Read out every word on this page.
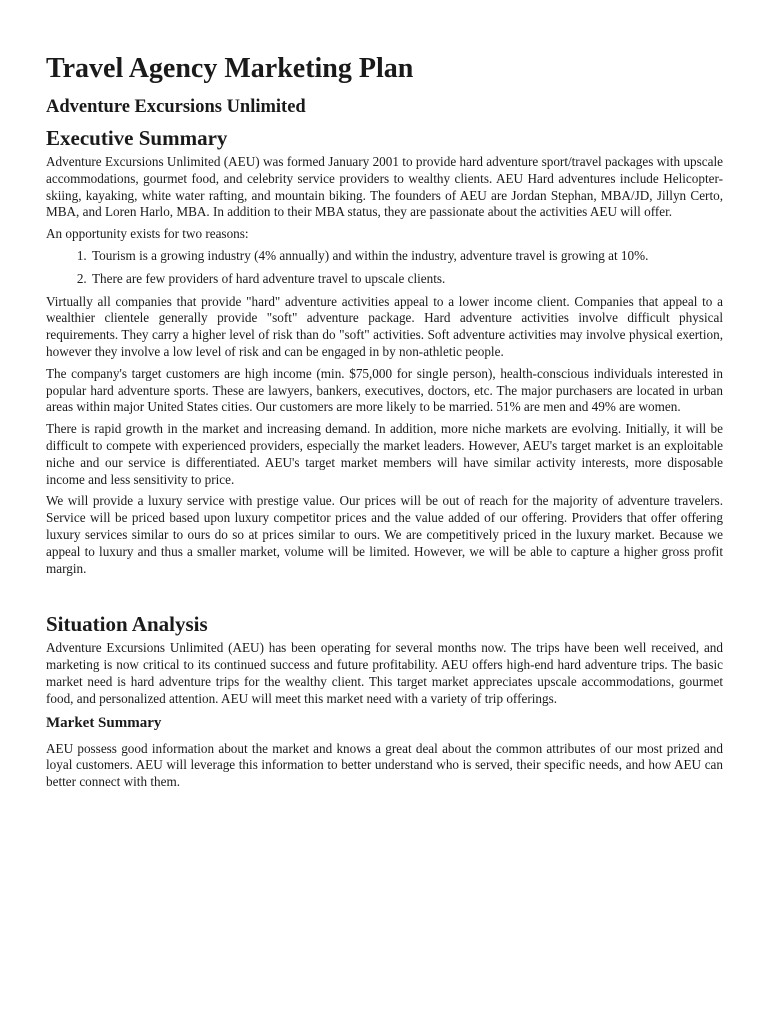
Travel Agency Marketing Plan
Adventure Excursions Unlimited
Executive Summary

Adventure Excursions Unlimited (AEU) was formed January 2001 to provide hard adventure sport/travel packages with upscale accommodations, gourmet food, and celebrity service providers to wealthy clients. AEU Hard adventures include Helicopter-skiing, kayaking, white water rafting, and mountain biking. The founders of AEU are Jordan Stephan, MBA/JD, Jillyn Certo, MBA, and Loren Harlo, MBA. In addition to their MBA status, they are passionate about the activities AEU will offer.

An opportunity exists for two reasons:

1. Tourism is a growing industry (4% annually) and within the industry, adventure travel is growing at 10%.
2. There are few providers of hard adventure travel to upscale clients.

Virtually all companies that provide "hard" adventure activities appeal to a lower income client. Companies that appeal to a wealthier clientele generally provide "soft" adventure package. Hard adventure activities involve difficult physical requirements. They carry a higher level of risk than do "soft" activities. Soft adventure activities may involve physical exertion, however they involve a low level of risk and can be engaged in by non-athletic people.

The company's target customers are high income (min. $75,000 for single person), health-conscious individuals interested in popular hard adventure sports. These are lawyers, bankers, executives, doctors, etc. The major purchasers are located in urban areas within major United States cities. Our customers are more likely to be married. 51% are men and 49% are women.

There is rapid growth in the market and increasing demand. In addition, more niche markets are evolving. Initially, it will be difficult to compete with experienced providers, especially the market leaders. However, AEU's target market is an exploitable niche and our service is differentiated. AEU's target market members will have similar activity interests, more disposable income and less sensitivity to price.

We will provide a luxury service with prestige value. Our prices will be out of reach for the majority of adventure travelers. Service will be priced based upon luxury competitor prices and the value added of our offering. Providers that offer offering luxury services similar to ours do so at prices similar to ours. We are competitively priced in the luxury market. Because we appeal to luxury and thus a smaller market, volume will be limited. However, we will be able to capture a higher gross profit margin.

Situation Analysis

Adventure Excursions Unlimited (AEU) has been operating for several months now. The trips have been well received, and marketing is now critical to its continued success and future profitability. AEU offers high-end hard adventure trips. The basic market need is hard adventure trips for the wealthy client. This target market appreciates upscale accommodations, gourmet food, and personalized attention. AEU will meet this market need with a variety of trip offerings.

Market Summary

AEU possess good information about the market and knows a great deal about the common attributes of our most prized and loyal customers. AEU will leverage this information to better understand who is served, their specific needs, and how AEU can better connect with them.
